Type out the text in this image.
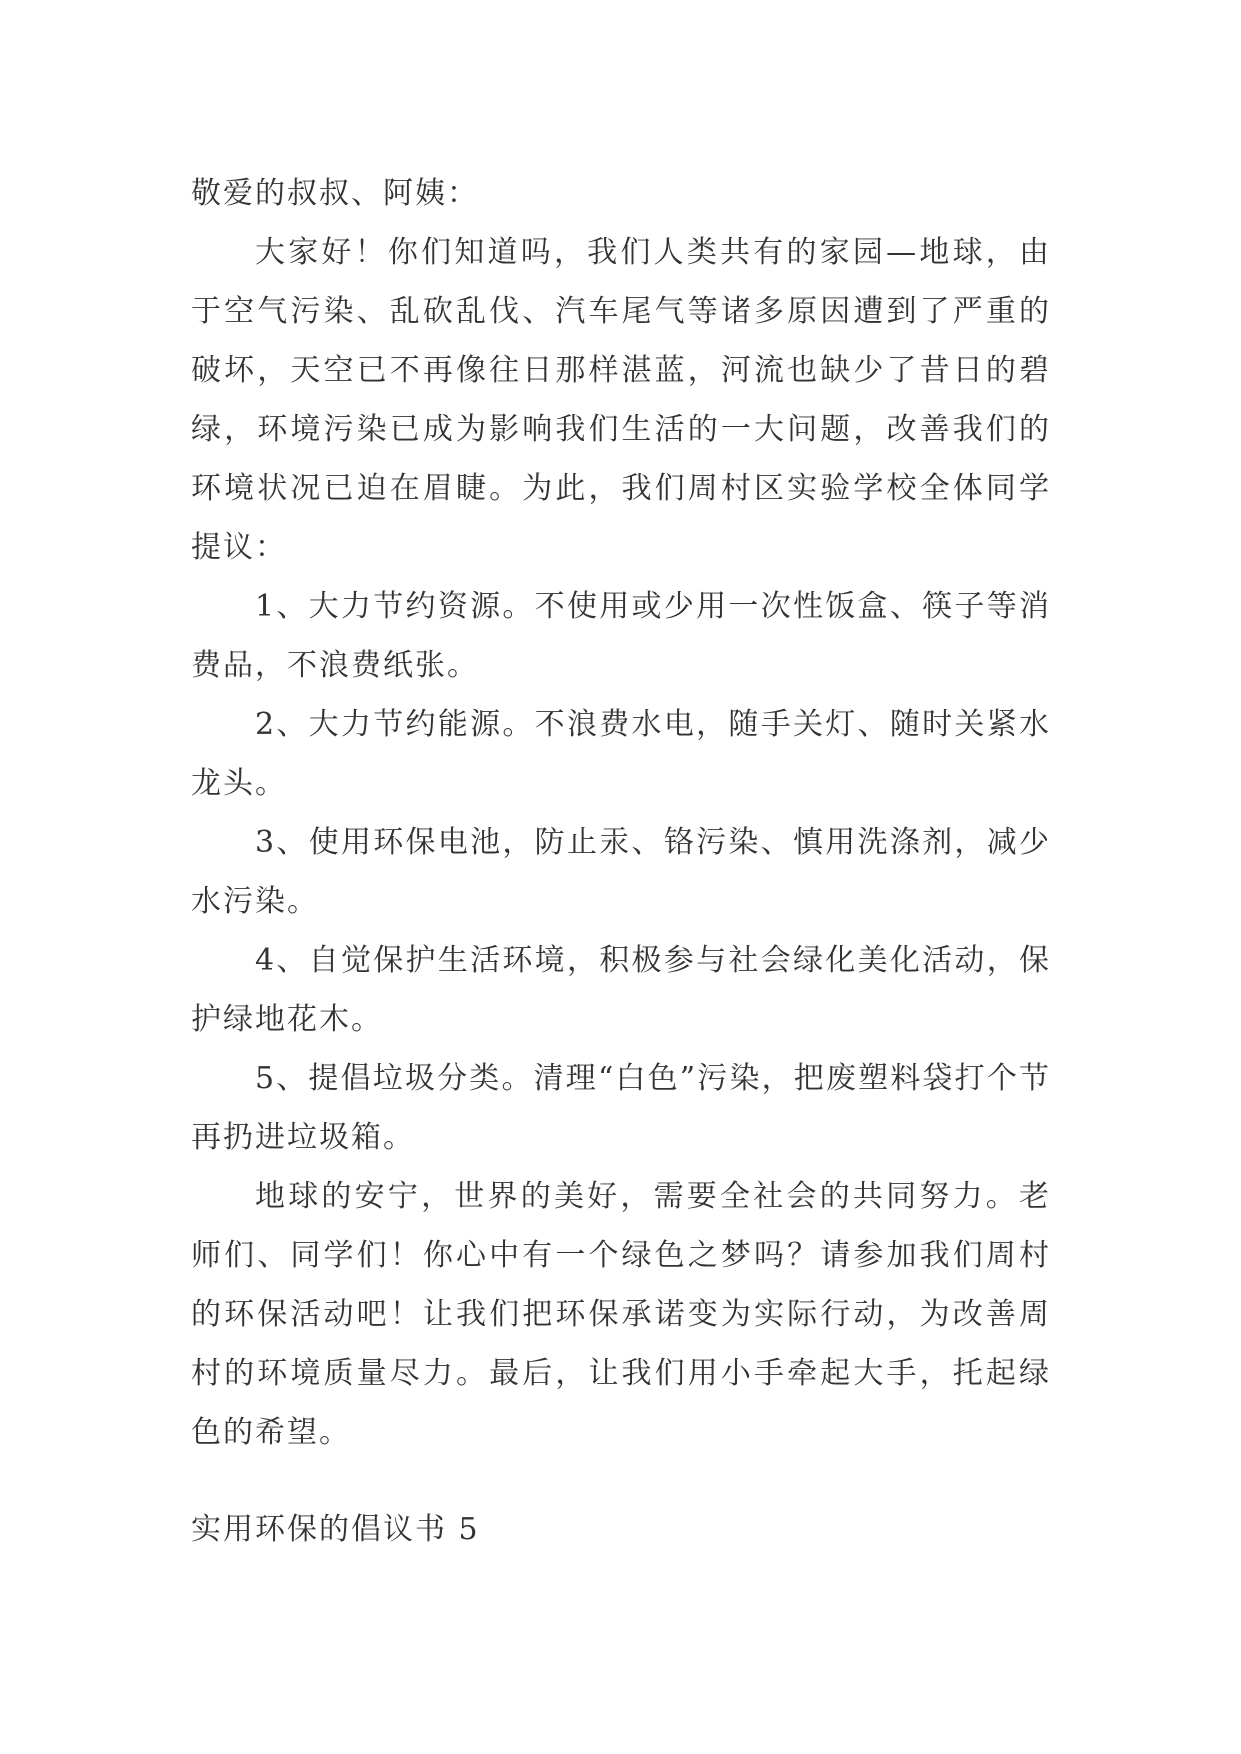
敬爱的叔叔、阿姨：

大家好！你们知道吗，我们人类共有的家园—地球，由于空气污染、乱砍乱伐、汽车尾气等诸多原因遭到了严重的破坏，天空已不再像往日那样湛蓝，河流也缺少了昔日的碧绿，环境污染已成为影响我们生活的一大问题，改善我们的环境状况已迫在眉睫。为此，我们周村区实验学校全体同学提议：

1、大力节约资源。不使用或少用一次性饭盒、筷子等消费品，不浪费纸张。

2、大力节约能源。不浪费水电，随手关灯、随时关紧水龙头。

3、使用环保电池，防止汞、铬污染、慎用洗涤剂，减少水污染。

4、自觉保护生活环境，积极参与社会绿化美化活动，保护绿地花木。

5、提倡垃圾分类。清理“白色”污染，把废塑料袋打个节再扔进垃圾箱。

地球的安宁，世界的美好，需要全社会的共同努力。老师们、同学们！你心中有一个绿色之梦吗？请参加我们周村的环保活动吧！让我们把环保承诺变为实际行动，为改善周村的环境质量尽力。最后，让我们用小手牵起大手，托起绿色的希望。

实用环保的倡议书 5
